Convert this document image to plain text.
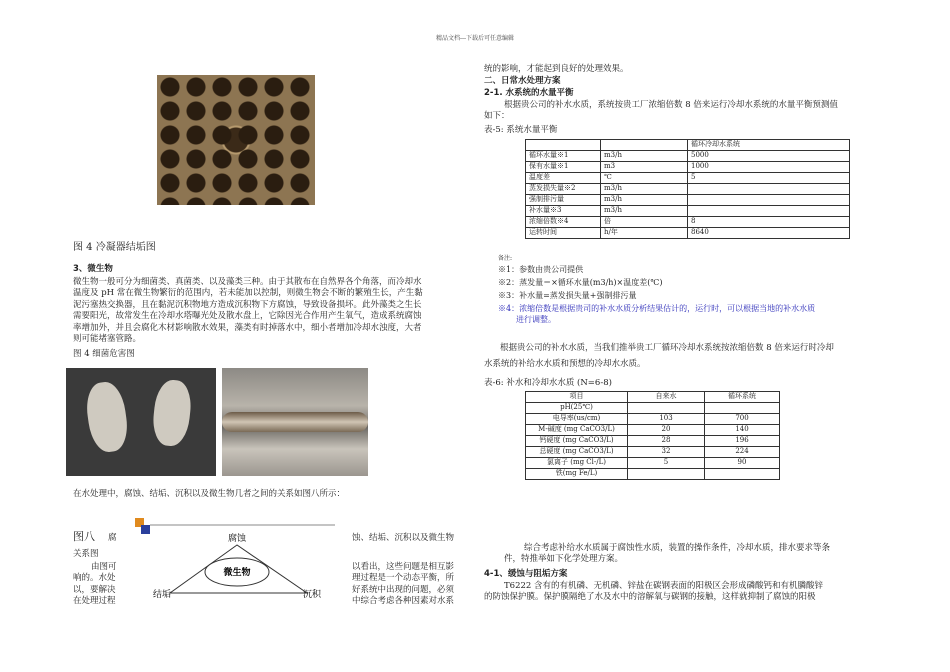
精品文档---下载后可任意编辑
图 4 冷凝器结垢图
3、微生物
微生物一般可分为细菌类、真菌类、以及藻类三种。由于其散布在自然界各个角落，而冷却水
温度及 pH 常在微生物繁衍的范围内，若未能加以控制，则微生物会不断的繁殖生长，产生黏
泥污塞热交换器，且在黏泥沉积物地方造成沉积物下方腐蚀，导致设备损坏。此外藻类之生长
需要阳光，故常发生在冷却水塔曝光处及散水盘上，它除因光合作用产生氧气，造成系统腐蚀
率增加外，并且会腐化木材影响散水效果，藻类有时掉落水中，细小者增加冷却水浊度，大者
则可能堵塞管路。
图 4 细菌危害图
在水处理中，腐蚀、结垢、沉积以及微生物几者之间的关系如图八所示：
图八 腐	蚀、结垢、沉积以及微生物
关系图
由图可
响的。水处
以，要解决
在处理过程
以看出，这些问题是相互影
理过程是一个动态平衡，所
好系统中出现的问题，必须
中综合考虑各种因素对水系
腐蚀
微生物
结垢	沉积
统的影响，才能起到良好的处理效果。
二、日常水处理方案
2-1. 水系统的水量平衡
根据贵公司的补水水质，系统按贵工厂浓缩倍数 8 倍来运行冷却水系统的水量平衡预测值
如下：
表-5: 系统水量平衡
		循环冷却水系统
循环水量※1	m3/h	5000
保有水量※1	m3	1000
温度差	℃	5
蒸发损失量※2	m3/h	
强制排污量	m3/h	
补水量※3	m3/h	
浓缩倍数※4	倍	8
运转时间	h/年	8640
备注:
※1：参数由贵公司提供
※2：蒸发量＝×循环水量(m3/h)×温度差(℃)
※3：补水量=蒸发损失量+强制排污量
※4：浓缩倍数是根据贵司的补水水质分析结果估计的，运行时，可以根据当地的补水水质
进行调整。
根据贵公司的补水水质，当我们推举贵工厂循环冷却水系统按浓缩倍数 8 倍来运行时冷却
水系统的补给水水质和预想的冷却水水质。
表-6: 补水和冷却水水质 (N=6-8)
项目	自来水	循环系统
pH(25℃)		
电导率(us/cm)	103	700
M-碱度 (mg CaCO3/L)	20	140
钙硬度 (mg CaCO3/L)	28	196
总硬度 (mg CaCO3/L)	32	224
氯离子 (mg Cl-/L)	5	90
铁(mg Fe/L)		
综合考虑补给水水质属于腐蚀性水质，装置的操作条件，冷却水质，排水要求等条
件，特推举如下化学处理方案。
4-1、缓蚀与阻垢方案
T6222 含有的有机磷、无机磷、锌盐在碳钢表面的阳极区会形成磷酸钙和有机膦酸锌
的防蚀保护膜。保护膜隔绝了水及水中的溶解氧与碳钢的接触，这样就抑制了腐蚀的阳极
